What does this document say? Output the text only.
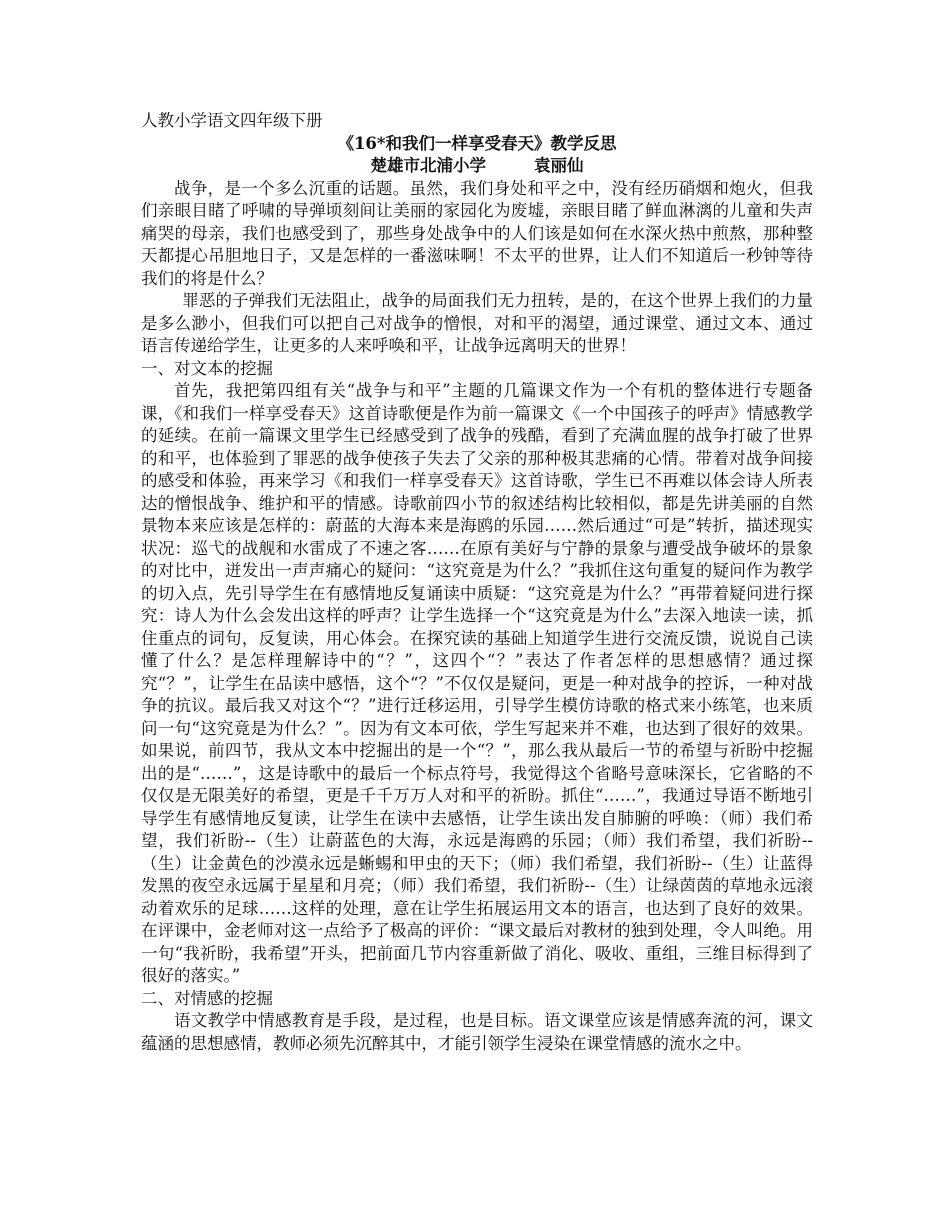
人教小学语文四年级下册

《16*和我们一样享受春天》教学反思

楚雄市北浦小学	袁丽仙

战争，是一个多么沉重的话题。虽然，我们身处和平之中，没有经历硝烟和炮火，但我们亲眼目睹了呼啸的导弹顷刻间让美丽的家园化为废墟，亲眼目睹了鲜血淋漓的儿童和失声痛哭的母亲，我们也感受到了，那些身处战争中的人们该是如何在水深火热中煎熬，那种整天都提心吊胆地日子，又是怎样的一番滋味啊！不太平的世界，让人们不知道后一秒钟等待我们的将是什么？

罪恶的子弹我们无法阻止，战争的局面我们无力扭转，是的，在这个世界上我们的力量是多么渺小，但我们可以把自己对战争的憎恨，对和平的渴望，通过课堂、通过文本、通过语言传递给学生，让更多的人来呼唤和平，让战争远离明天的世界！

一、对文本的挖掘

首先，我把第四组有关“战争与和平”主题的几篇课文作为一个有机的整体进行专题备课，《和我们一样享受春天》这首诗歌便是作为前一篇课文《一个中国孩子的呼声》情感教学的延续。在前一篇课文里学生已经感受到了战争的残酷，看到了充满血腥的战争打破了世界的和平，也体验到了罪恶的战争使孩子失去了父亲的那种极其悲痛的心情。带着对战争间接的感受和体验，再来学习《和我们一样享受春天》这首诗歌，学生已不再难以体会诗人所表达的憎恨战争、维护和平的情感。诗歌前四小节的叙述结构比较相似，都是先讲美丽的自然景物本来应该是怎样的：蔚蓝的大海本来是海鸥的乐园……然后通过“可是”转折，描述现实状况：巡弋的战舰和水雷成了不速之客……在原有美好与宁静的景象与遭受战争破坏的景象的对比中，迸发出一声声痛心的疑问：“这究竟是为什么？”我抓住这句重复的疑问作为教学的切入点，先引导学生在有感情地反复诵读中质疑：“这究竟是为什么？”再带着疑问进行探究：诗人为什么会发出这样的呼声？让学生选择一个“这究竟是为什么”去深入地读一读，抓住重点的词句，反复读，用心体会。在探究读的基础上知道学生进行交流反馈，说说自己读懂了什么？是怎样理解诗中的“？”，这四个“？”表达了作者怎样的思想感情？通过探究“？”，让学生在品读中感悟，这个“？”不仅仅是疑问，更是一种对战争的控诉，一种对战争的抗议。最后我又对这个“？”进行迁移运用，引导学生模仿诗歌的格式来小练笔，也来质问一句“这究竟是为什么？”。因为有文本可依，学生写起来并不难，也达到了很好的效果。如果说，前四节，我从文本中挖掘出的是一个“？”，那么我从最后一节的希望与祈盼中挖掘出的是“……”，这是诗歌中的最后一个标点符号，我觉得这个省略号意味深长，它省略的不仅仅是无限美好的希望，更是千千万万人对和平的祈盼。抓住“……”，我通过导语不断地引导学生有感情地反复读，让学生在读中去感悟，让学生读出发自肺腑的呼唤：（师）我们希望，我们祈盼--（生）让蔚蓝色的大海，永远是海鸥的乐园；（师）我们希望，我们祈盼--（生）让金黄色的沙漠永远是蜥蜴和甲虫的天下；（师）我们希望，我们祈盼--（生）让蓝得发黑的夜空永远属于星星和月亮；（师）我们希望，我们祈盼--（生）让绿茵茵的草地永远滚动着欢乐的足球……这样的处理，意在让学生拓展运用文本的语言，也达到了良好的效果。在评课中，金老师对这一点给予了极高的评价：“课文最后对教材的独到处理，令人叫绝。用一句“我祈盼，我希望”开头，把前面几节内容重新做了消化、吸收、重组，三维目标得到了很好的落实。”

二、对情感的挖掘

语文教学中情感教育是手段，是过程，也是目标。语文课堂应该是情感奔流的河，课文蕴涵的思想感情，教师必须先沉醉其中，才能引领学生浸染在课堂情感的流水之中。
